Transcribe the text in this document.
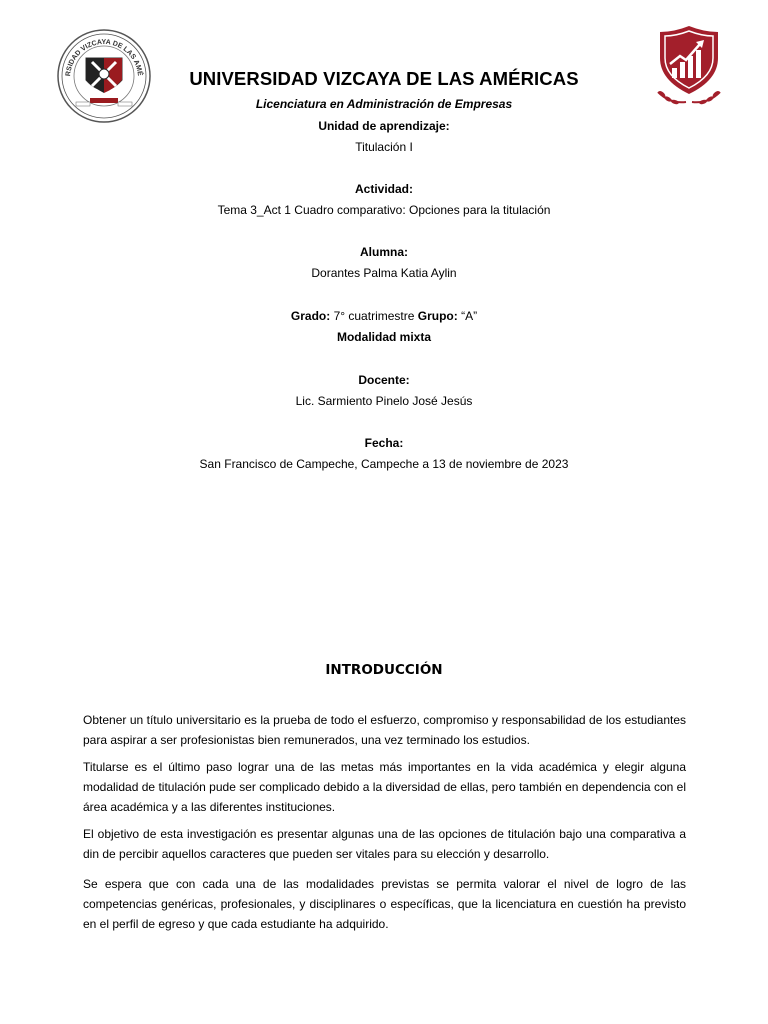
RSIDAD VIZCAYA DE LAS AMÉ	UNIVERSIDAD VIZCAYA DE LAS AMÉRICAS
Licenciatura en Administración de Empresas
Unidad de aprendizaje:
Titulación I
Actividad:
Tema 3_Act 1 Cuadro comparativo: Opciones para la titulación
Alumna:
Dorantes Palma Katia Aylin
Grado: 7° cuatrimestre Grupo: “A”
Modalidad mixta
Docente:
Lic. Sarmiento Pinelo José Jesús
Fecha:
San Francisco de Campeche, Campeche a 13 de noviembre de 2023
INTRODUCCIÓN
Obtener un título universitario es la prueba de todo el esfuerzo, compromiso y responsabilidad de los estudiantes para aspirar a ser profesionistas bien remunerados, una vez terminado los estudios.
Titularse es el último paso lograr una de las metas más importantes en la vida académica y elegir alguna modalidad de titulación pude ser complicado debido a la diversidad de ellas, pero también en dependencia con el área académica y a las diferentes instituciones.
El objetivo de esta investigación es presentar algunas una de las opciones de titulación bajo una comparativa a din de percibir aquellos caracteres que pueden ser vitales para su elección y desarrollo.
Se espera que con cada una de las modalidades previstas se permita valorar el nivel de logro de las competencias genéricas, profesionales, y disciplinares o específicas, que la licenciatura en cuestión ha previsto en el perfil de egreso y que cada estudiante ha adquirido.
